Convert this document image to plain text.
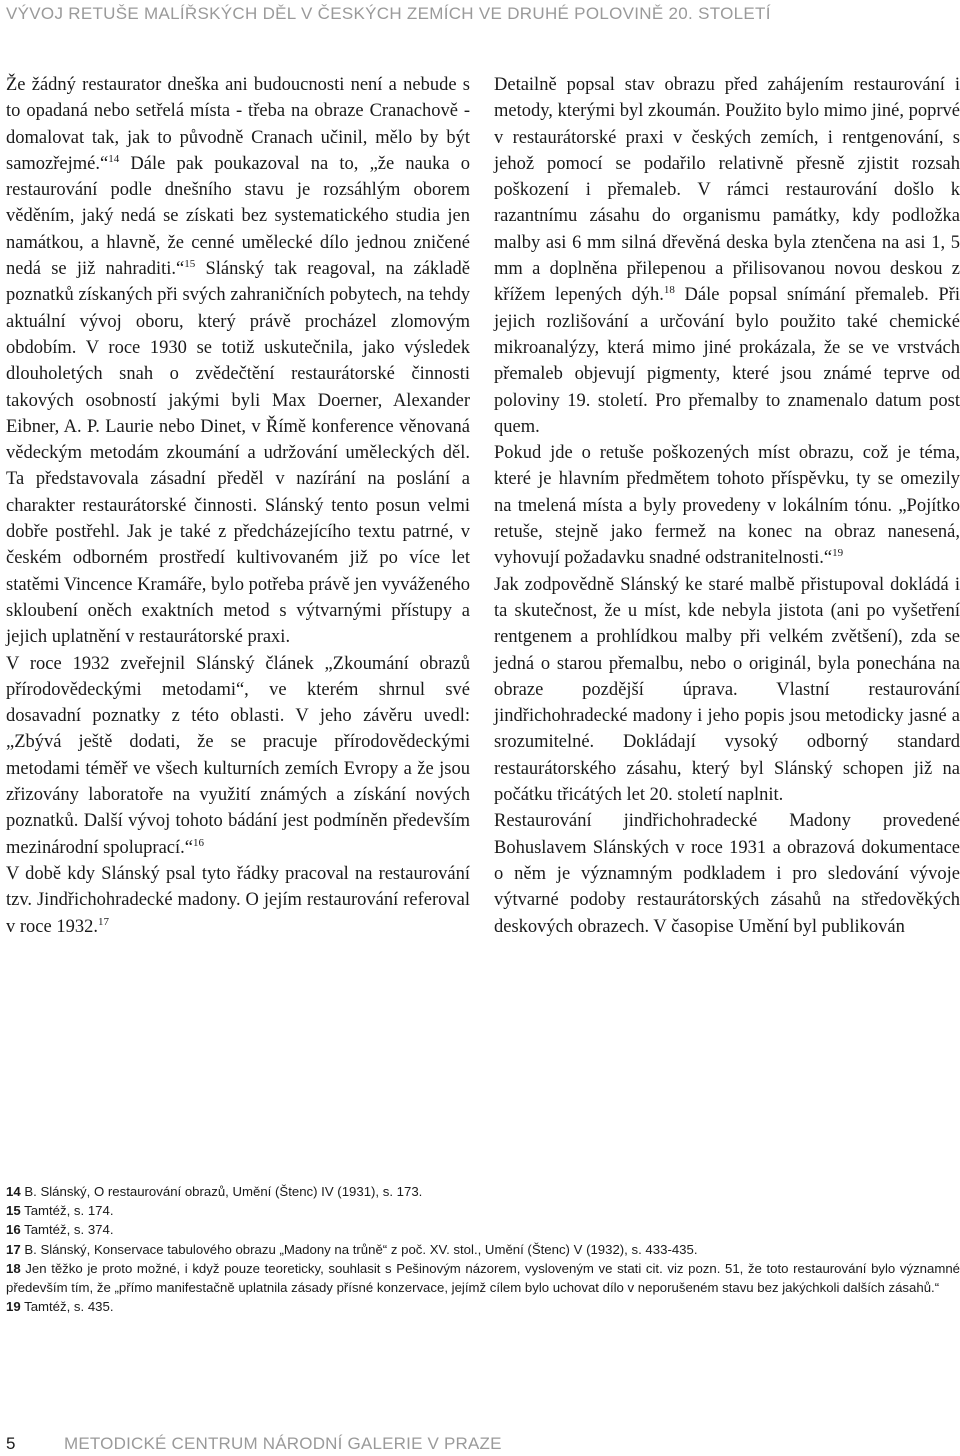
VÝVOJ RETUŠE MALÍŘSKÝCH DĚL V ČESKÝCH ZEMÍCH VE DRUHÉ POLOVINĚ 20. STOLETÍ

Že žádný restaurator dneška ani budoucnosti není a nebude s to opadaná nebo setřelá místa - třeba na obraze Cranachově - domalovat tak, jak to původně Cranach učinil, mělo by být samozřejmé.“$^{14}$ Dále pak poukazoval na to, „že nauka o restaurování podle dnešního stavu je rozsáhlým oborem věděním, jaký nedá se získati bez systematického studia jen namátkou, a hlavně, že cenné umělecké dílo jednou zničené nedá se již nahraditi.“$^{15}$ Slánský tak reagoval, na základě poznatků získaných při svých zahraničních pobytech, na tehdy aktuální vývoj oboru, který právě procházel zlomovým obdobím. V roce 1930 se totiž uskutečnila, jako výsledek dlouholetých snah o zvědečtění restaurátorské činnosti takových osobností jakými byli Max Doerner, Alexander Eibner, A. P. Laurie nebo Dinet, v Římě konference věnovaná vědeckým metodám zkoumání a udržování uměleckých děl. Ta představovala zásadní předěl v nazírání na poslání a charakter restaurátorské činnosti. Slánský tento posun velmi dobře postřehl. Jak je také z předcházejícího textu patrné, v českém odborném prostředí kultivovaném již po více let statěmi Vincence Kramáře, bylo potřeba právě jen vyváženého skloubení oněch exaktních metod s výtvarnými přístupy a jejich uplatnění v restaurátorské praxi.

V roce 1932 zveřejnil Slánský článek „Zkoumání obrazů přírodovědeckými metodami“, ve kterém shrnul své dosavadní poznatky z této oblasti. V jeho závěru uvedl: „Zbývá ještě dodati, že se pracuje přírodovědeckými metodami téměř ve všech kulturních zemích Evropy a že jsou zřizovány laboratoře na využití známých a získání nových poznatků. Další vývoj tohoto bádání jest podmíněn především mezinárodní spoluprací.“$^{16}$

V době kdy Slánský psal tyto řádky pracoval na restaurování tzv. Jindřichohradecké madony. O jejím restaurování referoval v roce 1932.17

Detailně popsal stav obrazu před zahájením restaurování i metody, kterými byl zkoumán. Použito bylo mimo jiné, poprvé v restaurátorské praxi v českých zemích, i rentgenování, s jehož pomocí se podařilo relativně přesně zjistit rozsah poškození i přemaleb. V rámci restaurování došlo k razantnímu zásahu do organismu památky, kdy podložka malby asi 6 mm silná dřevěná deska byla ztenčena na asi 1, 5 mm a doplněna přilepenou a přilisovanou novou deskou z křížem lepených dýh.$^{18}$ Dále popsal snímání přemaleb. Při jejich rozlišování a určování bylo použito také chemické mikroanalýzy, která mimo jiné prokázala, že se ve vrstvách přemaleb objevují pigmenty, které jsou známé teprve od poloviny 19. století. Pro přemalby to znamenalo datum post quem.

Pokud jde o retuše poškozených míst obrazu, což je téma, které je hlavním předmětem tohoto příspěvku, ty se omezily na tmelená místa a byly provedeny v lokálním tónu. „Pojítko retuše, stejně jako fermež na konec na obraz nanesená, vyhovují požadavku snadné odstranitelnosti.“$^{19}$

Jak zodpovědně Slánský ke staré malbě přistupoval dokládá i ta skutečnost, že u míst, kde nebyla jistota (ani po vyšetření rentgenem a prohlídkou malby při velkém zvětšení), zda se jedná o starou přemalbu, nebo o originál, byla ponechána na obraze pozdější úprava. Vlastní restaurování jindřichohradecké madony i jeho popis jsou metodicky jasné a srozumitelné. Dokládají vysoký odborný standard restaurátorského zásahu, který byl Slánský schopen již na počátku třicátých let 20. století naplnit.

Restaurování jindřichohradecké Madony provedené Bohuslavem Slánských v roce 1931 a obrazová dokumentace o něm je významným podkladem i pro sledování vývoje výtvarné podoby restaurátorských zásahů na středověkých deskových obrazech. V časopise Umění byl publikován

14 B. Slánský, O restaurování obrazů, Umění (Štenc) IV (1931), s. 173.

15 Tamtéž, s. 174.

16 Tamtéž, s. 374.

17 B. Slánský, Konservace tabulového obrazu „Madony na trůně“ z poč. XV. stol., Umění (Štenc) V (1932), s. 433-435.

18 Jen těžko je proto možné, i když pouze teoreticky, souhlasit s Pešinovým názorem, vysloveným ve stati cit. viz pozn. 51, že toto restaurování bylo významné především tím, že „přímo manifestačně uplatnila zásady přísné konzervace, jejímž cílem bylo uchovat dílo v neporušeném stavu bez jakýchkoli dalších zásahů.“

19 Tamtéž, s. 435.

5	METODICKÉ CENTRUM NÁRODNÍ GALERIE V PRAZE
